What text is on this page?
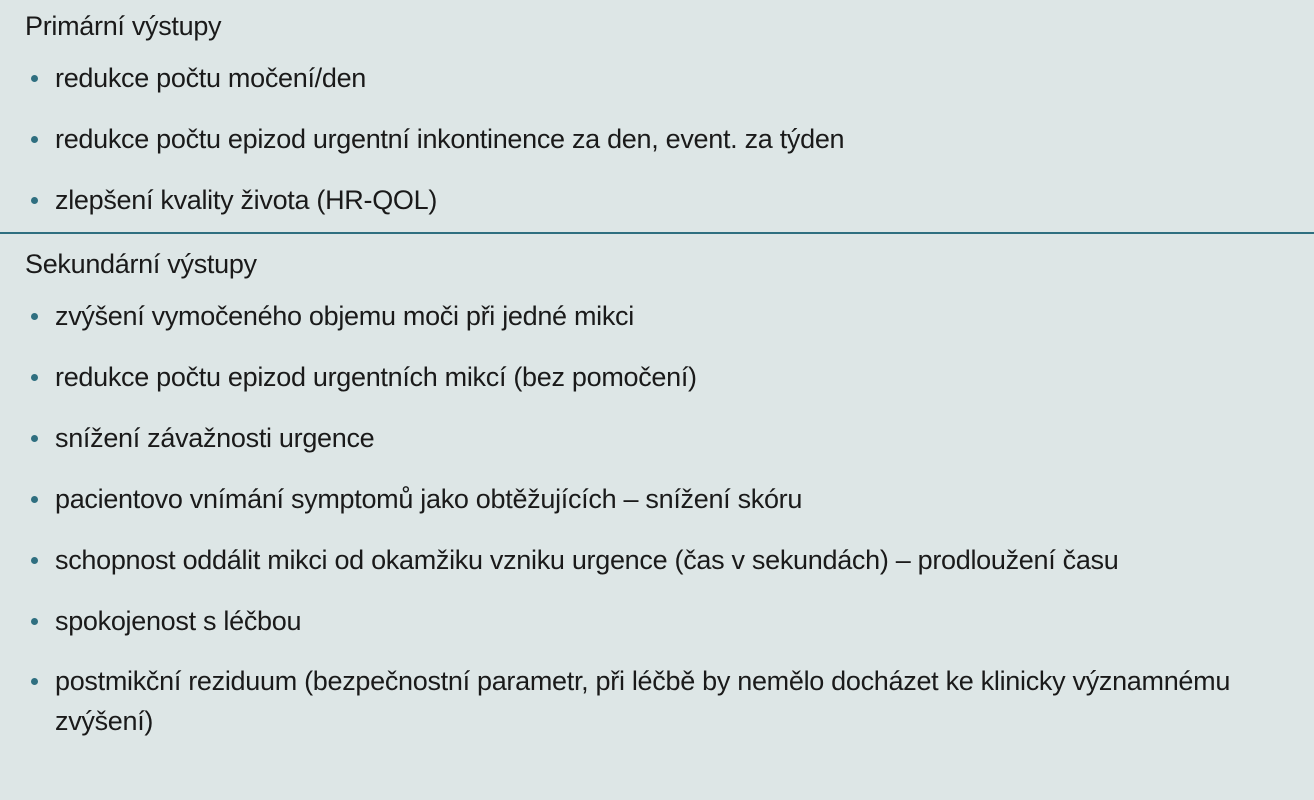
Primární výstupy
redukce počtu močení/den
redukce počtu epizod urgentní inkontinence za den, event. za týden
zlepšení kvality života (HR-QOL)
Sekundární výstupy
zvýšení vymočeného objemu moči při jedné mikci
redukce počtu epizod urgentních mikcí (bez pomočení)
snížení závažnosti urgence
pacientovo vnímání symptomů jako obtěžujících – snížení skóru
schopnost oddálit mikci od okamžiku vzniku urgence (čas v sekundách) – prodloužení času
spokojenost s léčbou
postmikční reziduum (bezpečnostní parametr, při léčbě by nemělo docházet ke klinicky významnému zvýšení)
